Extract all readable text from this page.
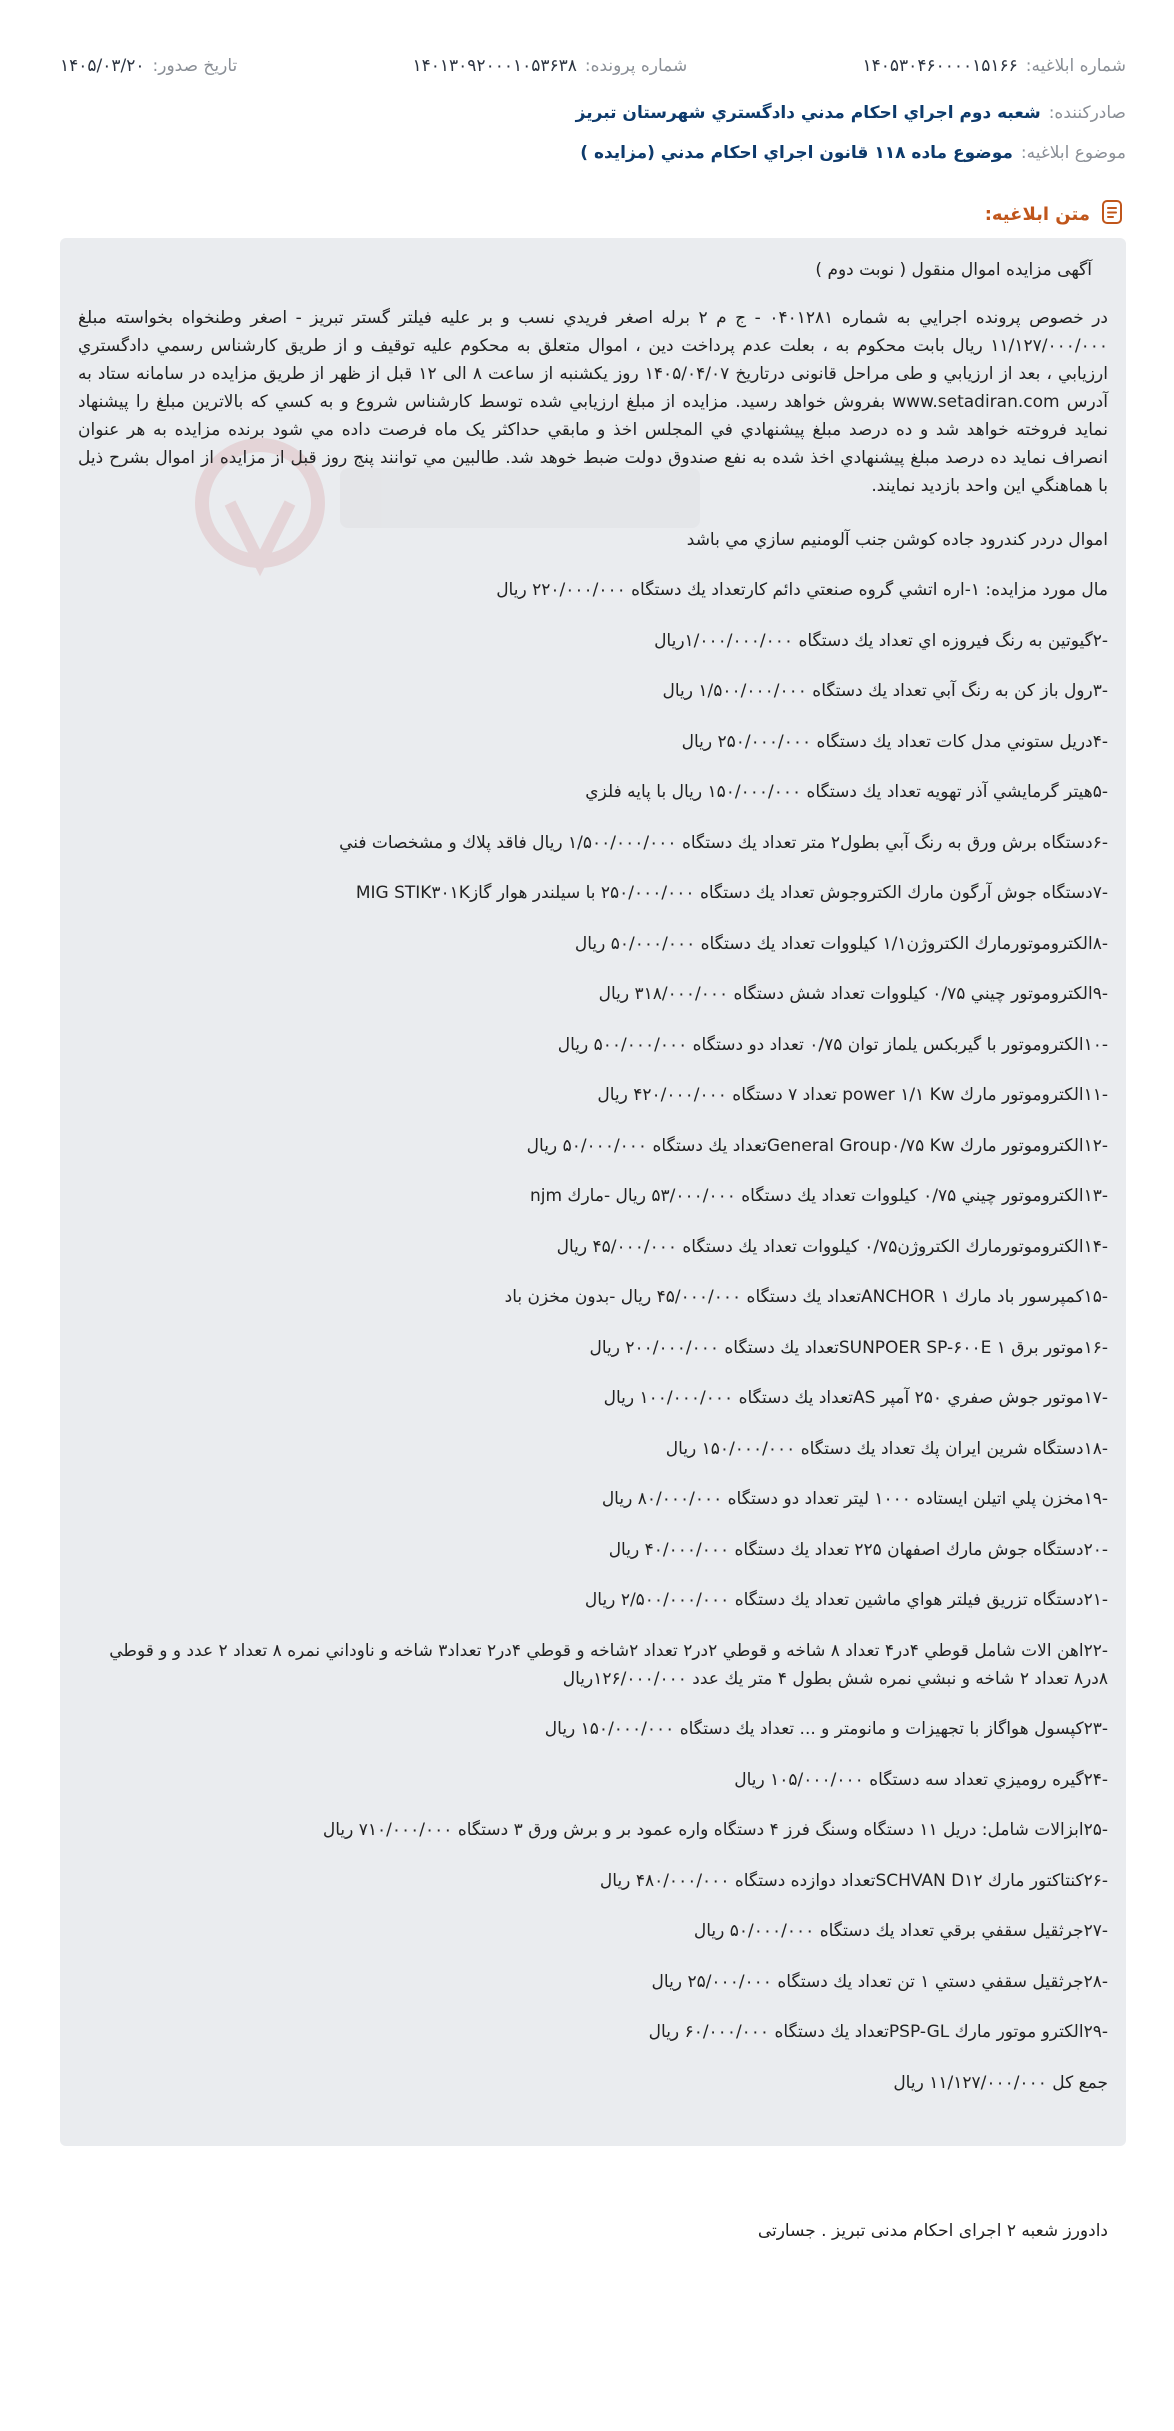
شماره ابلاغیه:
۱۴۰۵۳۰۴۶۰۰۰۰۱۵۱۶۶
شماره پرونده:
۱۴۰۱۳۰۹۲۰۰۰۱۰۵۳۶۳۸
تاریخ صدور:
۱۴۰۵/۰۳/۲۰
صادرکننده:
شعبه دوم اجراي احكام مدني دادگستري شهرستان تبريز
موضوع ابلاغیه:
موضوع ماده ۱۱۸ قانون اجراي احكام مدني (مزايده )
متن ابلاغیه:
آگهی مزايده اموال منقول ( نوبت دوم )
در خصوص پرونده اجرايي به شماره ۰۴۰۱۲۸۱ - ج م ۲ برله اصغر فريدي نسب و بر علیه فیلتر گستر تبريز - اصغر وطنخواه بخواسته مبلغ ۱۱/۱۲۷/۰۰۰/۰۰۰ ريال بابت محکوم به ، بعلت عدم پرداخت دين ، اموال متعلق به محكوم عليه توقيف و از طريق كارشناس رسمي دادگستري ارزيابي ، بعد از ارزيابي و طی مراحل قانونی درتاريخ ۱۴۰۵/۰۴/۰۷ روز يكشنبه از ساعت ۸ الی ۱۲ قبل از ظهر از طریق مزایده در سامانه ستاد به آدرس www.setadiran.com بفروش خواهد رسيد. مزايده از مبلغ ارزيابي شده توسط كارشناس شروع و به كسي كه بالاترين مبلغ را پيشنهاد نمايد فروخته خواهد شد و ده درصد مبلغ پيشنهادي في المجلس اخذ و مابقي حداكثر يک ماه فرصت داده مي شود برنده مزايده به هر عنوان انصراف نمايد ده درصد مبلغ پيشنهادي اخذ شده به نفع صندوق دولت ضبط خوهد شد. طالبين مي توانند پنج روز قبل از مزايده از اموال بشرح ذيل با هماهنگي اين واحد بازديد نمايند.
اموال دردر کندرود جاده کوشن جنب آلومنيم سازي مي باشد
مال مورد مزايده: ۱-اره اتشي گروه صنعتي دائم كارتعداد يك دستگاه ۲۲۰/۰۰۰/۰۰۰ ريال
-۲گيوتين به رنگ فيروزه اي تعداد يك دستگاه ۱/۰۰۰/۰۰۰/۰۰۰ريال
-۳رول باز كن به رنگ آبي تعداد يك دستگاه ۱/۵۰۰/۰۰۰/۰۰۰ ريال
-۴دريل ستوني مدل كات تعداد يك دستگاه ۲۵۰/۰۰۰/۰۰۰ ريال
-۵هيتر گرمايشي آذر تهويه تعداد يك دستگاه ۱۵۰/۰۰۰/۰۰۰ ريال با پايه فلزي
-۶دستگاه برش ورق به رنگ آبي بطول۲ متر تعداد يك دستگاه ۱/۵۰۰/۰۰۰/۰۰۰ ريال فاقد پلاك و مشخصات فني
-۷دستگاه جوش آرگون مارك الكتروجوش تعداد يك دستگاه ۲۵۰/۰۰۰/۰۰۰ با سيلندر هوار گازMIG STIK۳۰۱K
-۸الكتروموتورمارك الكتروژن۱/۱ كيلووات تعداد يك دستگاه ۵۰/۰۰۰/۰۰۰ ريال
-۹الكتروموتور چيني ۰/۷۵ كيلووات تعداد شش دستگاه ۳۱۸/۰۰۰/۰۰۰ ريال
-۱۰الكتروموتور با گيربكس يلماز توان ۰/۷۵ تعداد دو دستگاه ۵۰۰/۰۰۰/۰۰۰ ريال
-۱۱الكتروموتور مارك power ۱/۱ Kw تعداد ۷ دستگاه ۴۲۰/۰۰۰/۰۰۰ ريال
-۱۲الكتروموتور مارك General Group۰/۷۵ Kwتعداد يك دستگاه ۵۰/۰۰۰/۰۰۰ ريال
-۱۳الكتروموتور چيني ۰/۷۵ كيلووات تعداد يك دستگاه ۵۳/۰۰۰/۰۰۰ ريال -مارك njm
-۱۴الكتروموتورمارك الكتروژن۰/۷۵ كيلووات تعداد يك دستگاه ۴۵/۰۰۰/۰۰۰ ريال
-۱۵كمپرسور باد مارك ANCHOR ۱تعداد يك دستگاه ۴۵/۰۰۰/۰۰۰ ريال -بدون مخزن باد
-۱۶موتور برق SUNPOER SP-۶۰۰E ۱تعداد يك دستگاه ۲۰۰/۰۰۰/۰۰۰ ريال
-۱۷موتور جوش صفري ۲۵۰ آمپر ASتعداد يك دستگاه ۱۰۰/۰۰۰/۰۰۰ ريال
-۱۸دستگاه شرين ايران پك تعداد يك دستگاه ۱۵۰/۰۰۰/۰۰۰ ريال
-۱۹مخزن پلي اتيلن ايستاده ۱۰۰۰ ليتر تعداد دو دستگاه ۸۰/۰۰۰/۰۰۰ ريال
-۲۰دستگاه جوش مارك اصفهان ۲۲۵ تعداد يك دستگاه ۴۰/۰۰۰/۰۰۰ ريال
-۲۱دستگاه تزريق فيلتر هواي ماشين تعداد يك دستگاه ۲/۵۰۰/۰۰۰/۰۰۰ ريال
-۲۲اهن الات شامل قوطي ۴در۴ تعداد ۸ شاخه و قوطي ۲در۲ تعداد ۲شاخه و قوطي ۴در۲ تعداد۳ شاخه و ناوداني نمره ۸ تعداد ۲ عدد و و قوطي ۸در۸ تعداد ۲ شاخه و نبشي نمره شش بطول ۴ متر يك عدد ۱۲۶/۰۰۰/۰۰۰ريال
-۲۳كپسول هواگاز با تجهيزات و مانومتر و ... تعداد يك دستگاه ۱۵۰/۰۰۰/۰۰۰ ريال
-۲۴گيره روميزي تعداد سه دستگاه ۱۰۵/۰۰۰/۰۰۰ ريال
-۲۵ابزالات شامل: دريل ۱۱ دستگاه وسنگ فرز ۴ دستگاه واره عمود بر و برش ورق ۳ دستگاه ۷۱۰/۰۰۰/۰۰۰ ريال
-۲۶كنتاكتور مارك SCHVAN D۱۲تعداد دوازده دستگاه ۴۸۰/۰۰۰/۰۰۰ ريال
-۲۷جرثقيل سقفي برقي تعداد يك دستگاه ۵۰/۰۰۰/۰۰۰ ريال
-۲۸جرثقيل سقفي دستي ۱ تن تعداد يك دستگاه ۲۵/۰۰۰/۰۰۰ ريال
-۲۹الكترو موتور مارك PSP-GLتعداد يك دستگاه ۶۰/۰۰۰/۰۰۰ ريال
جمع كل ۱۱/۱۲۷/۰۰۰/۰۰۰ ريال
دادورز شعبه ۲ اجرای احکام مدنی تبریز . جسارتی
